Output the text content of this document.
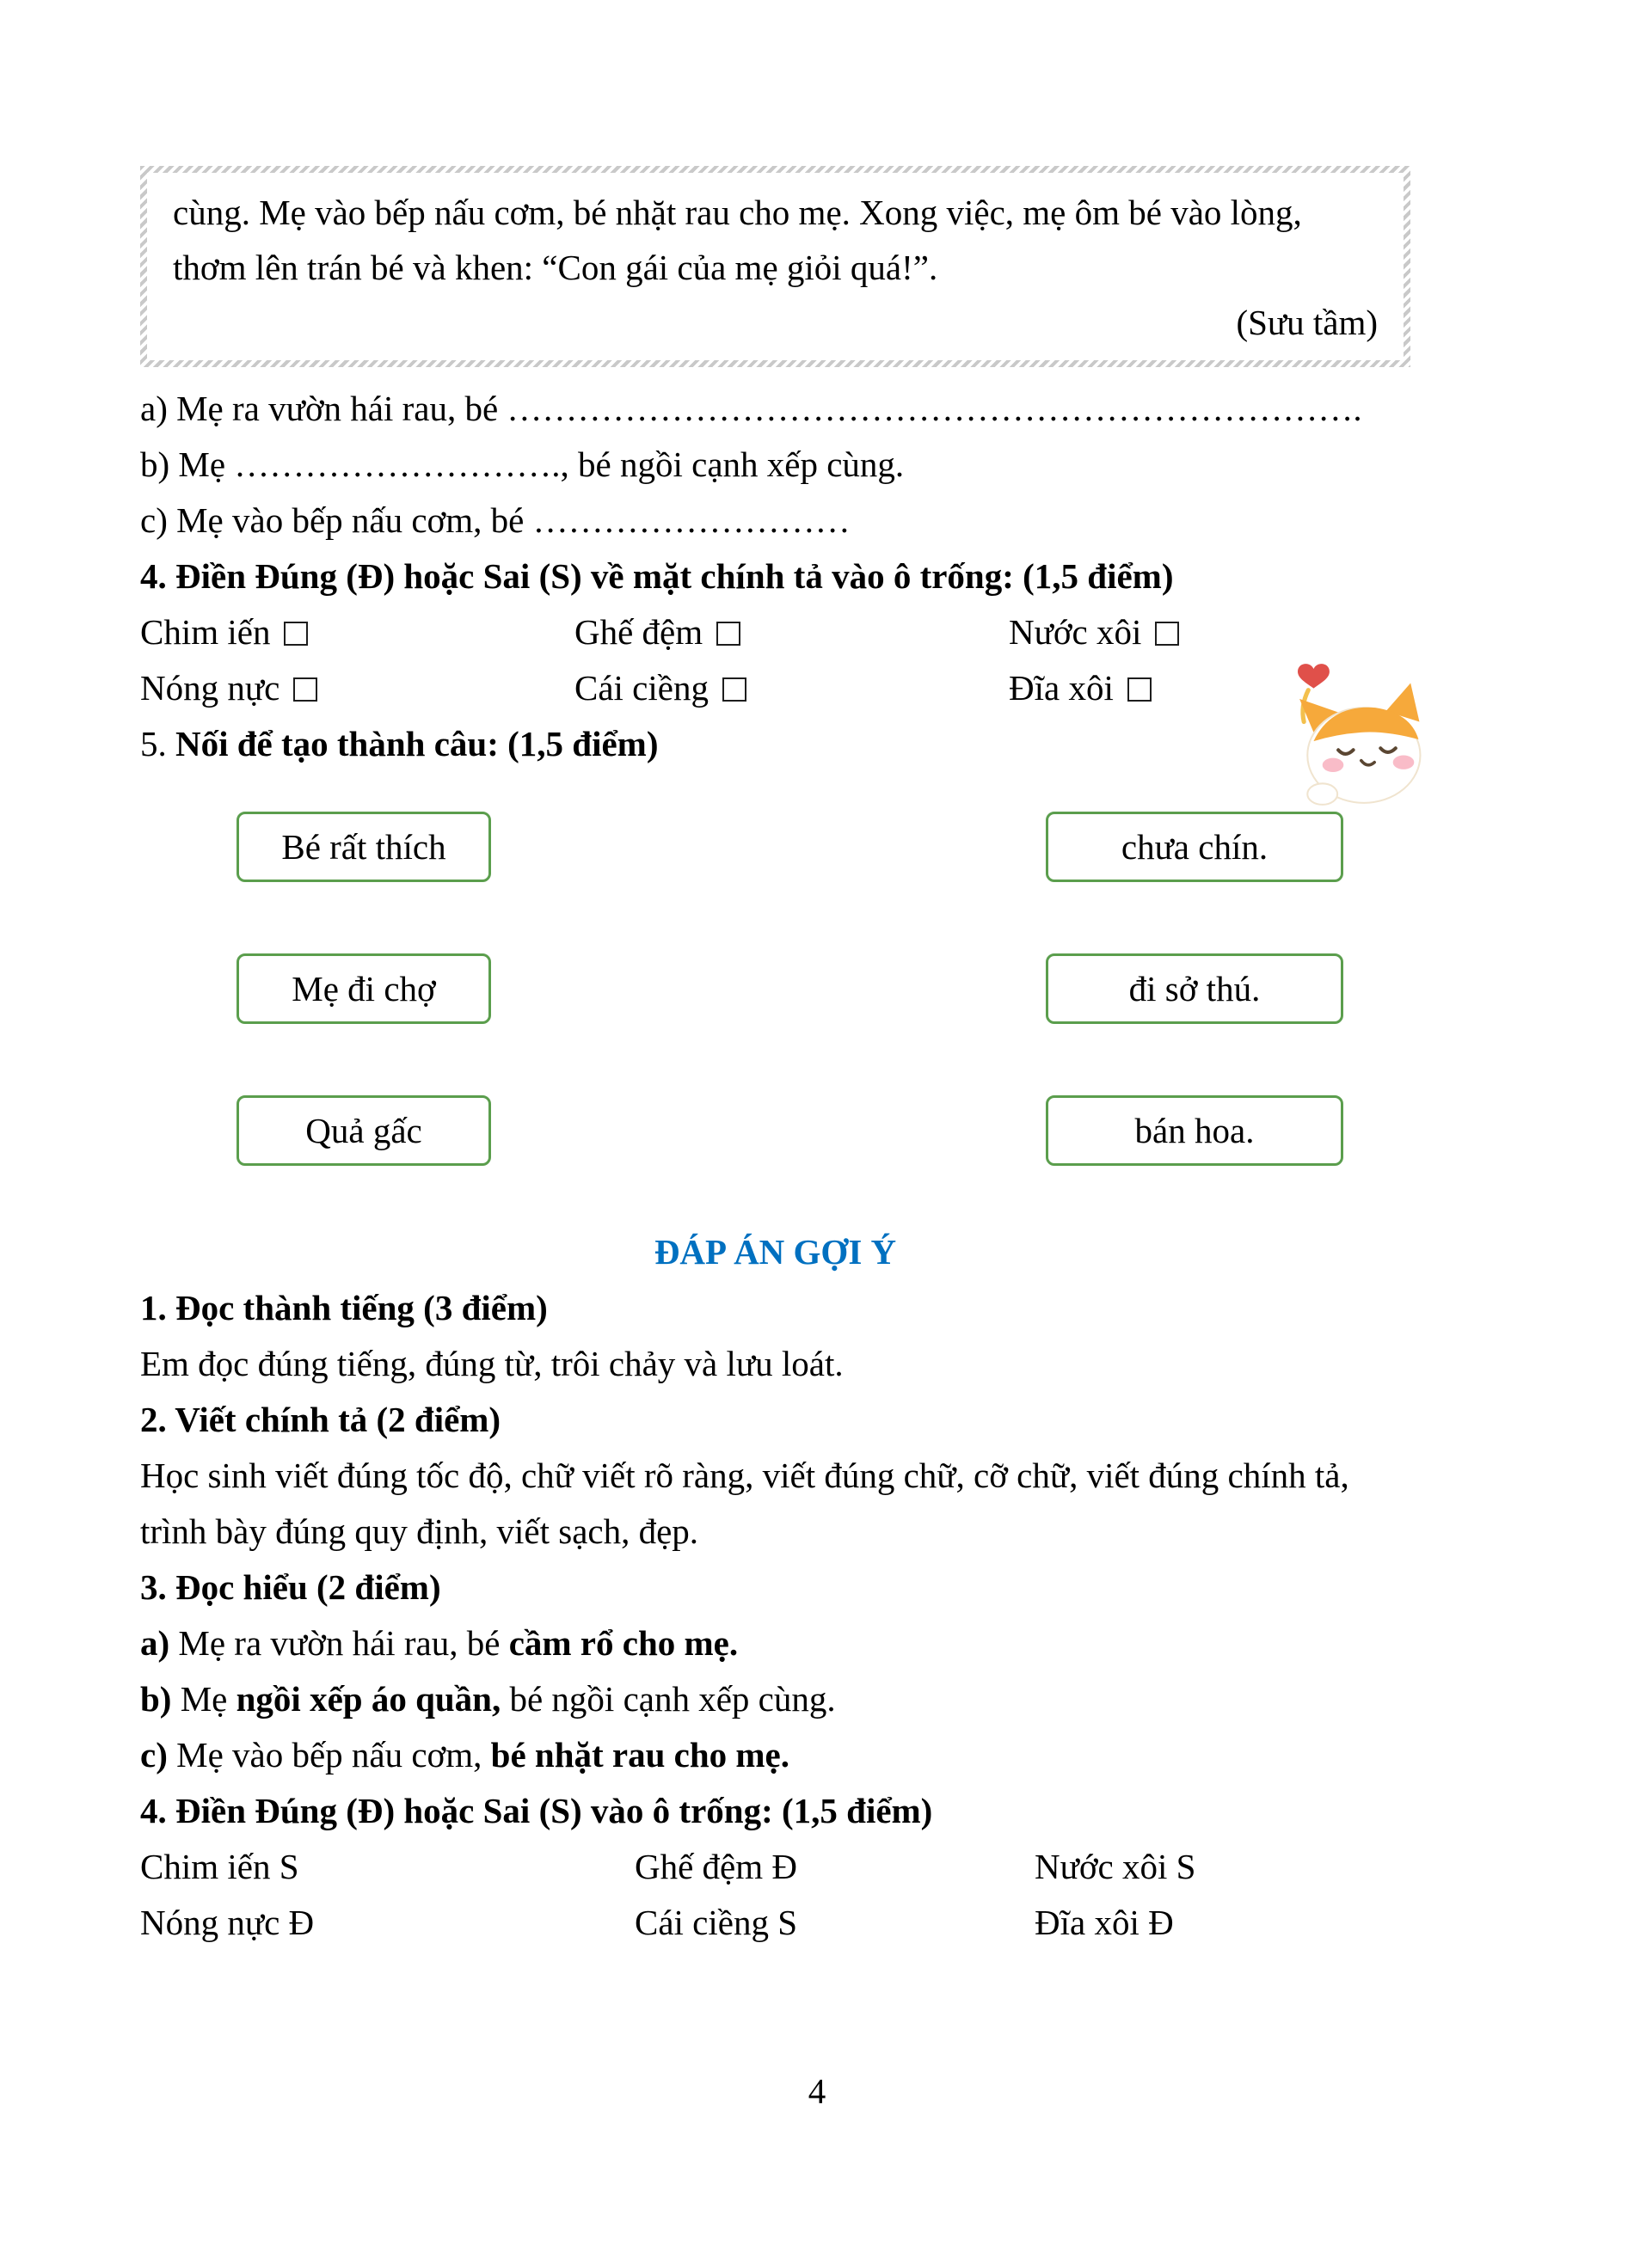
cùng. Mẹ vào bếp nấu cơm, bé nhặt rau cho mẹ. Xong việc, mẹ ôm bé vào lòng, thơm lên trán bé và khen: “Con gái của mẹ giỏi quá!”.
(Sưu tầm)
a) Mẹ ra vườn hái rau, bé ……………………………………………………………….
b) Mẹ ………………………., bé ngồi cạnh xếp cùng.
c) Mẹ vào bếp nấu cơm, bé ………………………
4. Điền Đúng (Đ) hoặc Sai (S) về mặt chính tả vào ô trống: (1,5 điểm)
Chim iến	Ghế đệm	Nước xôi
Nóng nực	Cái ciềng	Đĩa xôi
5. Nối để tạo thành câu: (1,5 điểm)
Bé rất thích
Mẹ đi chợ
Quả gấc
chưa chín.
đi sở thú.
bán hoa.
ĐÁP ÁN GỢI Ý
1. Đọc thành tiếng (3 điểm)
Em đọc đúng tiếng, đúng từ, trôi chảy và lưu loát.
2. Viết chính tả (2 điểm)
Học sinh viết đúng tốc độ, chữ viết rõ ràng, viết đúng chữ, cỡ chữ, viết đúng chính tả, trình bày đúng quy định, viết sạch, đẹp.
3. Đọc hiểu (2 điểm)
a) Mẹ ra vườn hái rau, bé cầm rổ cho mẹ.
b) Mẹ ngồi xếp áo quần, bé ngồi cạnh xếp cùng.
c) Mẹ vào bếp nấu cơm, bé nhặt rau cho mẹ.
4. Điền Đúng (Đ) hoặc Sai (S) vào ô trống: (1,5 điểm)
Chim iến S	Ghế đệm Đ	Nước xôi S
Nóng nực Đ	Cái ciềng S	Đĩa xôi Đ
4
